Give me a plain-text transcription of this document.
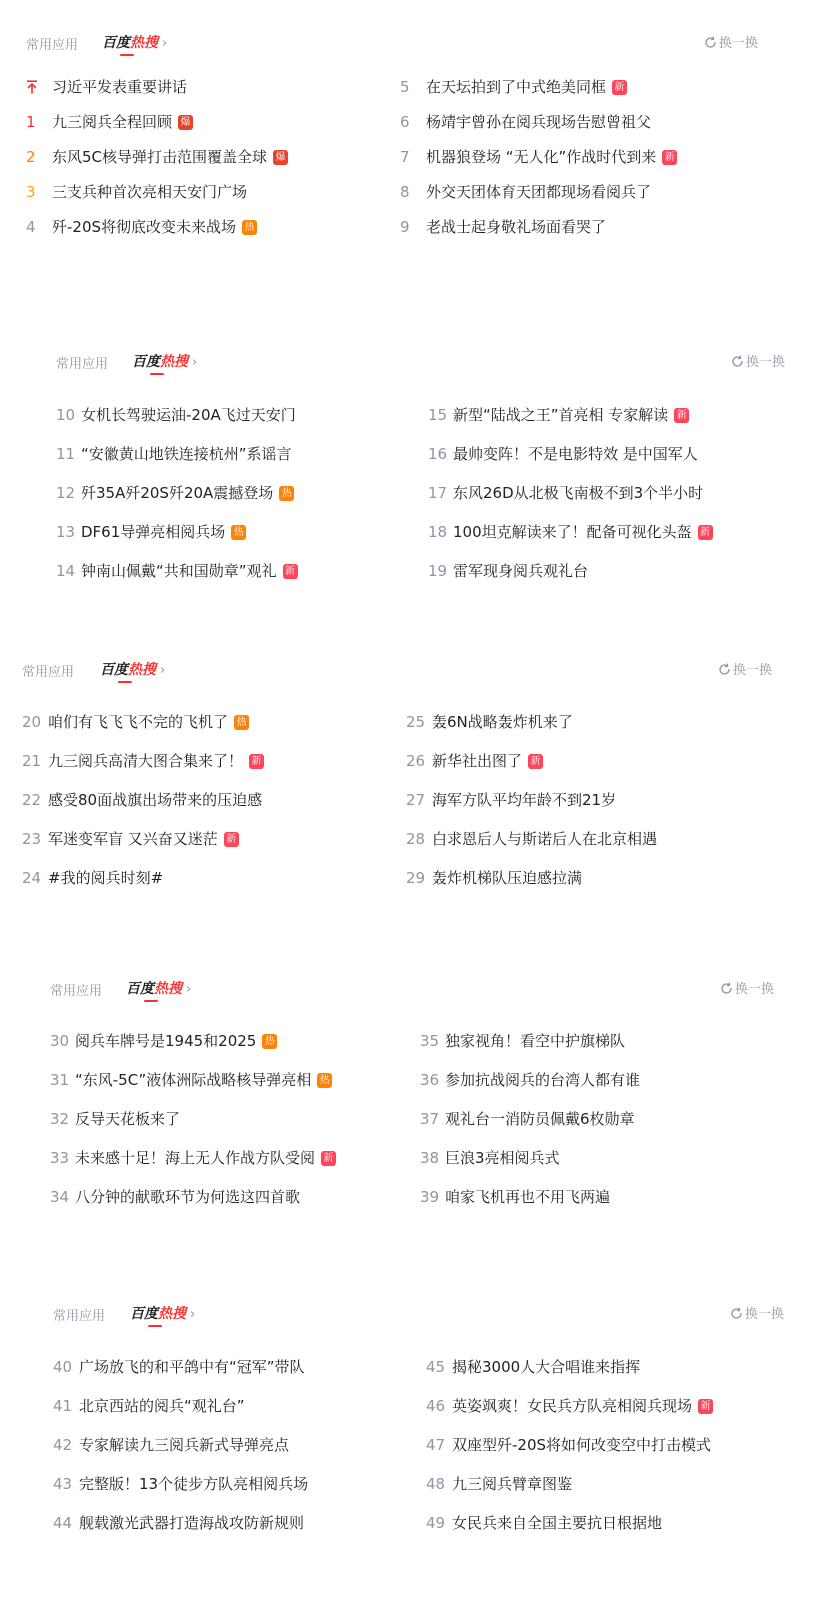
常用应用 百度热搜 ›	换一换
习近平发表重要讲话
1 九三阅兵全程回顾 爆
2 东风5C核导弹打击范围覆盖全球 爆
3 三支兵种首次亮相天安门广场
4 歼-20S将彻底改变未来战场 热
5 在天坛拍到了中式绝美同框 新
6 杨靖宇曾孙在阅兵现场告慰曾祖父
7 机器狼登场 “无人化”作战时代到来 新
8 外交天团体育天团都现场看阅兵了
9 老战士起身敬礼场面看哭了
常用应用 百度热搜 ›	换一换
10 女机长驾驶运油-20A飞过天安门
11 “安徽黄山地铁连接杭州”系谣言
12 歼35A歼20S歼20A震撼登场 热
13 DF61导弹亮相阅兵场 热
14 钟南山佩戴“共和国勋章”观礼 新
15 新型“陆战之王”首亮相 专家解读 新
16 最帅变阵！不是电影特效 是中国军人
17 东风26D从北极飞南极不到3个半小时
18 100坦克解读来了！配备可视化头盔 新
19 雷军现身阅兵观礼台
常用应用 百度热搜 ›	换一换
20 咱们有飞飞飞不完的飞机了 热
21 九三阅兵高清大图合集来了！ 新
22 感受80面战旗出场带来的压迫感
23 军迷变军盲 又兴奋又迷茫 新
24 #我的阅兵时刻#
25 轰6N战略轰炸机来了
26 新华社出图了 新
27 海军方队平均年龄不到21岁
28 白求恩后人与斯诺后人在北京相遇
29 轰炸机梯队压迫感拉满
常用应用 百度热搜 ›	换一换
30 阅兵车牌号是1945和2025 热
31 “东风-5C”液体洲际战略核导弹亮相 热
32 反导天花板来了
33 未来感十足！海上无人作战方队受阅 新
34 八分钟的献歌环节为何选这四首歌
35 独家视角！看空中护旗梯队
36 参加抗战阅兵的台湾人都有谁
37 观礼台一消防员佩戴6枚勋章
38 巨浪3亮相阅兵式
39 咱家飞机再也不用飞两遍
常用应用 百度热搜 ›	换一换
40 广场放飞的和平鸽中有“冠军”带队
41 北京西站的阅兵“观礼台”
42 专家解读九三阅兵新式导弹亮点
43 完整版！13个徒步方队亮相阅兵场
44 舰载激光武器打造海战攻防新规则
45 揭秘3000人大合唱谁来指挥
46 英姿飒爽！女民兵方队亮相阅兵现场 新
47 双座型歼-20S将如何改变空中打击模式
48 九三阅兵臂章图鉴
49 女民兵来自全国主要抗日根据地
